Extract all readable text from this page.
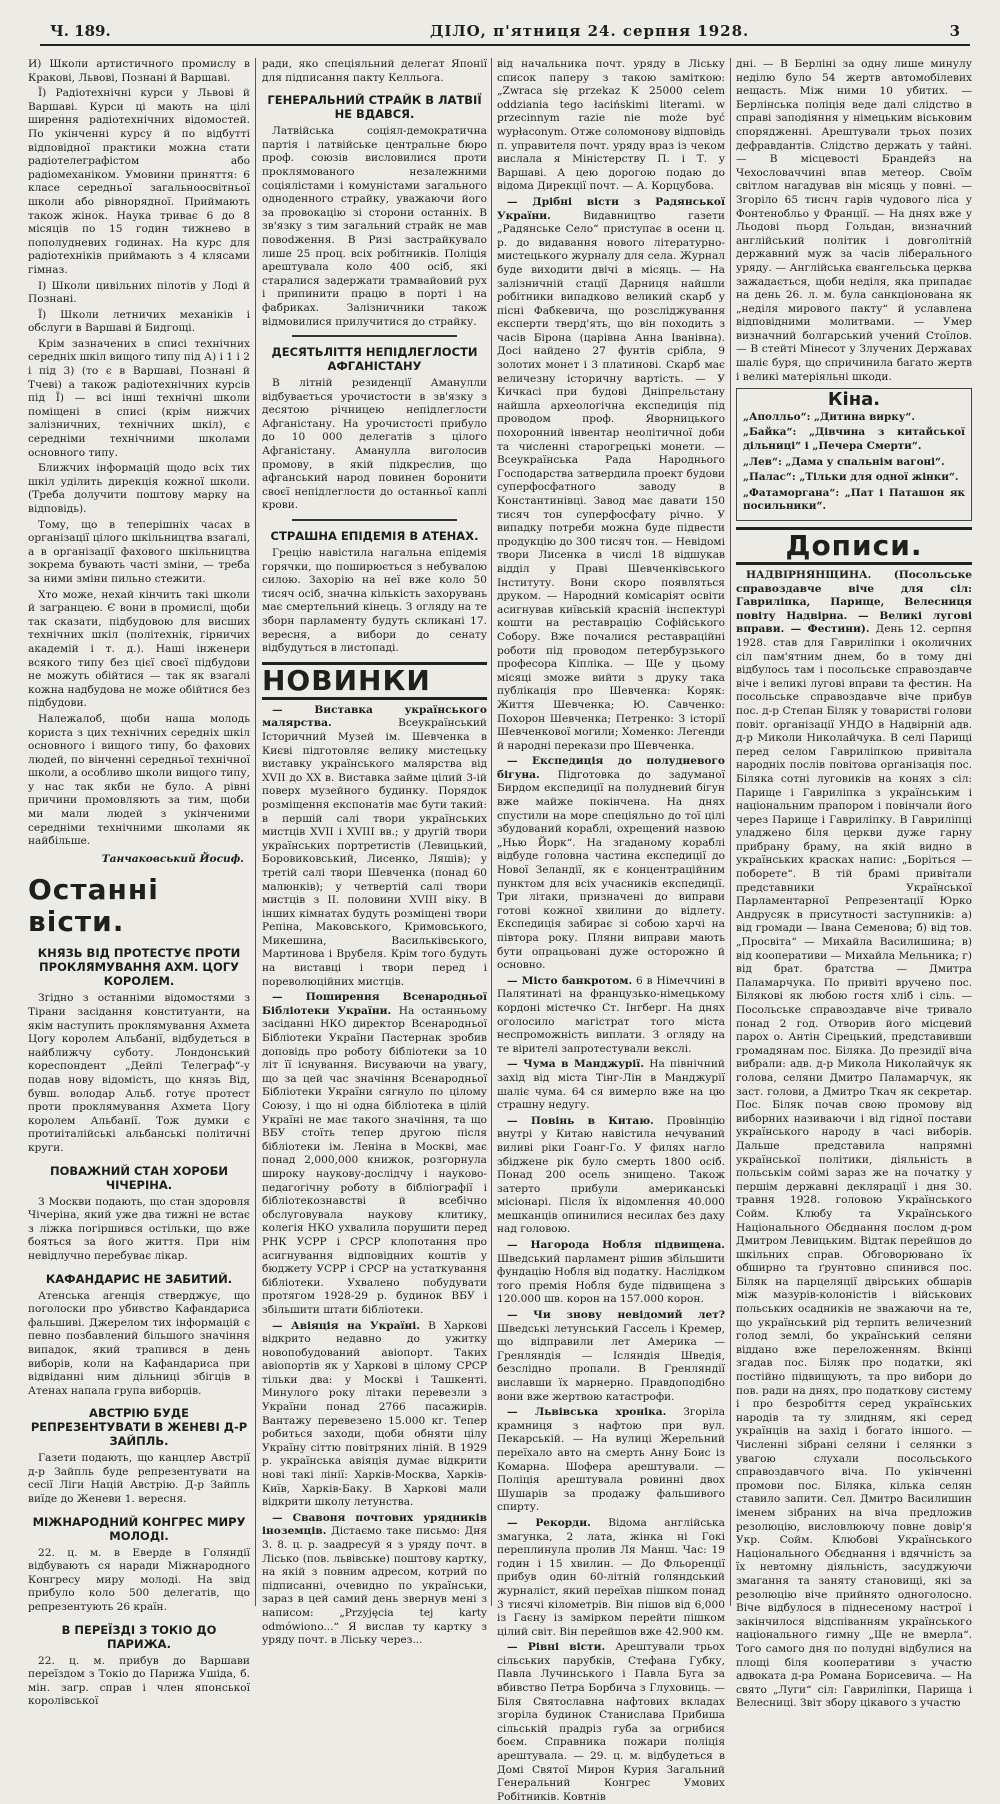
Ч. 189.	ДІЛО, п'ятниця 24. серпня 1928.	3

И) Школи артистичного промислу в Кракові, Львові, Познані й Варшаві.

Ї) Радіотехнічні курси у Львові й Варшаві. Курси ці мають на цілі ширення радіотехнічних відомостей. По укінченні курсу й по відбутті відповідної практики можна стати радіотелеграфістом або радіомеханіком. Умовини приняття: 6 класе середньої загальноосвітньої школи або рівнорядної. Приймають також жінок. Наука триває 6 до 8 місяців по 15 годин тижнево в пополудневих годинах. На курс для радіотехніків приймають з 4 клясами гімназ.

І) Школи цивільних пілотів у Лоді й Познані.

Ї) Школи летничих механіків і обслуги в Варшаві й Бидгощі.

Крім зазначених в списі технічних середніх шкіл вищого типу під А) і 1 і 2 і під 3) (то є в Варшаві, Познані й Тчеві) а також радіотехнічних курсів під Ї) — всі інші технічні школи поміщені в списі (крім нижчих залізничних, технічних шкіл), є середніми технічними школами основного типу.

Ближчих інформацій щодо всіх тих шкіл уділить дирекція кожної школи. (Треба долучити поштову марку на відповідь).

Тому, що в теперішніх часах в організації цілого шкільництва взагалі, а в організації фахового шкільництва зокрема бувають часті зміни, — треба за ними зміни пильно стежити.

Хто може, нехай кінчить такі школи й загранцею. Є вони в промислі, щоби так сказати, підбудовою для висших технічних шкіл (політехнік, гірничих академій і т. д.). Наші інженери всякого типу без цієї своєї підбудови не можуть обійтися — так як взагалі кожна надбудова не може обійтися без підбудови.

Належалоб, щоби наша молодь користа з цих технічних середніх шкіл основного і вищого типу, бо фахових людей, по вінченні середньої технічної школи, а особливо школи вищого типу, у нас так якби не було. А рівні причини промовляють за тим, щоби ми мали людей з укінченими середніми технічними школами як найбільше.

Танчаковський Йосиф.
Останні вісти.
КНЯЗЬ ВІД ПРОТЕСТУЄ ПРОТИ ПРОКЛЯМУВАННЯ АХМ. ЦОГУ КОРОЛЕМ.

Згідно з останніми відомостями з Тірани засідання конституанти, на якім наступить проклямування Ахмета Цогу королем Альбанії, відбудеться в найближчу суботу. Лондонський кореспондент „Дейлі Телеграф“-у подав нову відомість, що князь Від, бувш. володар Альб. готує протест проти проклямування Ахмета Цогу королем Альбанії. Тож думки є протиіталійські альбанські політичні круги.

ПОВАЖНИЙ СТАН ХОРОБИ ЧІЧЕРІНА.

З Москви подають, що стан здоровля Чічеріна, який уже два тижні не встає з ліжка погіршився остільки, що вже бояться за його життя. При нім невідлучно перебуває лікар.

КАФАНДАРИС НЕ ЗАБИТИЙ.

Атенська агенція стверджує, що поголоски про убивство Кафандариса фальшиві. Джерелом тих інформацій є певно позбавлений більшого значіння випадок, який трапився в день виборів, коли на Кафандариса при відвіданні ним дільниці збігців в Атенах напала група виборців.

АВСТРІЮ БУДЕ РЕПРЕЗЕНТУВАТИ В ЖЕНЕВІ Д-Р ЗАЙПЛЬ.

Газети подають, що канцлер Австрії д-р Зайпль буде репрезентувати на сесії Ліги Націй Австрію. Д-р Зайпль виїде до Женеви 1. вересня.

МІЖНАРОДНИЙ КОНГРЕС МИРУ МОЛОДІ.

22. ц. м. в Еверде в Голяндії відбувають ся наради Міжнародного Конгресу миру молоді. На звід прибуло коло 500 делегатів, що репрезентують 26 країн.

В ПЕРЕЇЗДІ З ТОКІО ДО ПАРИЖА.

22. ц. м. прибув до Варшави переїздом з Токіо до Парижа Ушіда, б. мін. загр. справ і член японської королівської

ради, яко спеціяльний делегат Японії для підписання пакту Келльога.

ГЕНЕРАЛЬНИЙ СТРАЙК В ЛАТВІЇ НЕ ВДАВСЯ.

Латвійська соціял-демократична партія і латвійське центральне бюро проф. союзів висловилися проти проклямованого незалежними соціялістами і комуністами загального одноденного страйку, уважаючи його за провокацію зі сторони останніх. В зв'язку з тим загальний страйк не мав повodження. В Ризі застрайкувало лише 25 проц. всіх робітників. Поліція арештувала коло 400 осіб, які старалися задержати трамвайовий рух і припинити працю в порті і на фабриках. Залізничники також відмовилися прилучитися до страйку.

ДЕСЯТЬЛІТТЯ НЕПІДЛЕГЛОСТИ АФГАНІСТАНУ

В літній резиденції Аманулли відбувається урочистости в зв'язку з десятою річницею непідлеглости Афганістану. На урочистості прибуло до 10 000 делегатів з цілого Афганістану. Аманулла виголосив промову, в якій підкреслив, що афганський народ повинен боронити своєї непідлеглости до останньої каплі крови.

СТРАШНА ЕПІДЕМІЯ В АТЕНАХ.

Грецію навістила нагальна епідемія горячки, що поширюється з небувалою силою. Захорію на неї вже коло 50 тисяч осіб, значна кількість захорувань має смертельний кінець. З огляду на те зборн парламенту будуть скликані 17. вересня, а вибори до сенату відбудуться в листопаді.

НОВИНКИ

— Виставка українського малярства.	Всеукраїнський Історичний Музей ім. Шевченка в Києві підготовляє велику мистецьку виставку українського малярства від XVII до XX в. Виставка займе цілий 3-ій поверх музейного будинку. Порядок розміщення експонатів має бути такий: в першій салі твори українських мистців XVII і XVIII вв.; у другій твори українських портретистів (Левицький, Боровиковський, Лисенко, Ляшів); у третій салі твори Шевченка (понад 60 малюнків); у четвертій салі твори мистців з II. половини XVIII віку. В інших кімнатах будуть розміщені твори Репіна, Маковського, Кримовського, Микешина, Васильківського, Мартинова і Врубеля. Крім того будуть на виставці і твори перед і пореволюційних мистців.

— Поширення Всенародньої Бібліотеки України. На останньому засіданні НКО директор Всенародньої Бібліотеки України Пастернак зробив доповідь про роботу бібліотеки за 10 літ її існування. Висуваючи на увагу, що за цей час значіння Всенародньої Бібліотеки України сягнуло по цілому Союзу, і що ні одна бібліотека в цілій Україні не має такого значіння, та що ВБУ стоїть тепер другою після бібліотеки ім. Леніна в Москві, має понад 2,000,000 книжок, розгорнула широку наукову-дослідчу і науково-педагогічну роботу в бібліографії і бібліотекознавстві й всебічно обслуговувала наукову клитику, колегія НКО ухвалила порушити перед РНК УСРР і СРСР клопотання про асигнування відповідних коштів у бюджету УСРР і СРСР на устаткування бібліотеки. Ухвалено побудувати протягом 1928-29 р. будинок ВБУ і збільшити штати бібліотеки.

— Авіяція на Україні. В Харкові відкрито недавно до ужитку новопобудований авіопорт. Таких авіопортів як у Харкові в цілому СРСР тільки два: у Москві і Ташкенті. Минулого року літаки перевезли з України понад 2766 пасажирів. Вантажу перевезено 15.000 кг. Тепер робиться заходи, щоби обняти цілу Україну сіттю повітряних ліній. В 1929 р. українська авіяція думає відкрити нові такі лінії: Харків-Москва, Харків-Київ, Харків-Баку. В Харкові мали відкрити школу летунства.

— Свавоня почтових урядників іноземців. Дістаємо таке письмо: Дня 3. 8. ц. р. заадресуй я з уряду почт. в Лісько (пов. львівське) поштову картку, на якій з повним адресом, котрий по підписанні, очевидно по українськи, зараз в цей самий день звернув мені з написом: „Przyjęcia tej karty odmówiono...“ Я вислав ту картку з уряду почт. в Ліську через...

від начальника почт. уряду в Ліську список паперу з такою заміткою: „Zwraca się przekaz K 25000 celem oddziania tego łacińskimi literami. w przecinnym razie nie może być wypłaconym. Отже соломонову відповідь п. управителя почт. уряду враз із чеком вислала я Міністерству П. і Т. у Варшаві. А цею дорогою подаю до відома Дирекції почт. — А. Корцубова.

— Дрібні вісти з Радянської України.	Видавництво газети „Радянське Село“ приступає в осени ц. р. до видавання нового літературно-мистецького журналу для села. Журнал буде виходити двічі в місяць. — На залізничній стації Дарниця найшли робітники випадково великий скарб у пісні Фабкевича, що розсліджування експерти тверд'ять, що він походить з часів Бірона (царівна Анна Іванівна). Досі найдено 27 фунтів срібла, 9 золотих монет і 3 платинові. Скарб має величезну історичну вартість. — У Кичкасі при будові Дніпрельстану найшла археологічна експедиція під проводом проф. Яворницького похоронний інвентар неолітичної доби та численні старогрецькі монети. — Всеукраїнська Рада Народнього Господарства затвердила проект будови суперфосфатного заводу в Константинівці. Завод має давати 150 тисяч тон суперфосфату річно. У випадку потреби можна буде підвести продукцію до 300 тисяч тон. — Невідомі твори Лисенка в числі 18 відшукав відділ у Праві Шевченківського Інституту. Вони скоро появляться друком. — Народний комісаріят освіти асигнував київській красній інспектурі кошти на реставрацію Софійського Собору. Вже почалися реставраційні роботи під проводом петербурзького професора Кіпліка. — Ще у цьому місяці зможе вийти з друку така публікація про Шевченка: Коряк: Життя Шевченка; Ю. Савченко: Похорон Шевченка; Петренко: З історії Шевченкової могили; Хоменко: Легенди й народні перекази про Шевченка.

— Експедиція до полудневого бігуна. Підготовка до задуманої Бирдом експедиції на полудневий бігун вже майже покінчена. На днях спустили на море спеціяльно до тої цілі збудований кораблі, охрещений назвою „Нью Йорк“. На згаданому кораблі відбуде головна частина експедиції до Нової Зеландії, як є концентраційним пунктом для всіх учасників експедиції. Три літаки, призначені до виправи готові кожної хвилини до відлету. Експедиція забирає зі собою харчі на півтора року. Пляни виправи мають бути опрацьовані дуже осторожно й основно.

— Місто банкротом. 6 в Німеччині в Палятинаті на французько-німецькому кордоні містечко Ст. Інгберг. На днях оголосило магістрат того міста неспроможність виплати. З огляду на те вірителі запротестували векслі.

— Чума в Манджурії. На північний захід від міста Тінг-Лін в Манджурії шаліє чума. 64 ся вимерло вже на цю страшну недугу.

— Повінь в Китаю. Провінцію внутрі у Китаю навістила нечуваний виливі ріки Гоанг-Го. У филях нагло збіджене рік було смерть 1800 осіб. Понад 200 осель знищено. Також затерто прибули американські місіонарі. Після їх відомлення 40.000 мешканців опинилися несилах без даху над головою.

— Нагорода Нобля підвищена. Шведський парламент рішив збільшити фундацію Нобля від податку. Наслідком того премія Нобля буде підвищена з 120.000 шв. корон на 157.000 корон.

— Чи знову невідомий лет? Шведські летунський Гассель і Кремер, що відправили лет Америка — Гренляндія — Ісляндія Шведія, безслідно пропали. В Гренляндії виславши їх марнерно. Правдоподібно вони вже жертвою катастрофи.

— Львівська хроніка. Згоріла крамниця з нафтою при вул. Пекарській. — На вулиці Жерельний переїхало авто на смерть Анну Боис із Комарна. Шофера арештували. — Поліція арештувала ровинні двох Шушарів за продажу фальшивого спирту.

— Рекорди. Відома англійська змагунка, 2 лата, жінка ні Гокі переплинула пролив Ля Манш. Час: 19 годин і 15 хвилин. — До Фльоренції прибув один 60-літній голяндський журналіст, який переїхав пішком понад 3 тисячі кілометрів. Він пішов від 6,000 із Гаєну із замірком перейти пішком цілий світ. Він перейшов вже 42.900 км.

— Рівні вісти. Арештували трьох сільських парубків, Стефана Губку, Павла Лучинського і Павла Буга за вбивство Петра Борбича з Глуховиць. — Біля Святославна нафтових вкладах згоріла будинок Станислава Прибиша сільській прадріз губа за огрибися боєм. Справника пожари поліція арештувала. — 29. ц. м. відбудеться в Домі Святої Мирон Курия Загальний Генеральний Конгрес Умових Робітників. Ковтнів

дні. — В Берліні за одну лише минулу неділю було 54 жертв автомобілевих нещасть. Між ними 10 убитих. — Берлінська поліція веде далі слідство в справі заподіяння у німецьким віськовим спорядженні. Арештували трьох позих дефравдантів. Слідство держать у тайні. — В місцевості Брандейз на Чехословаччині впав метеор. Своїм світлом нагадував він місяць у повні. — Згоріло 65 тиснч гарів чудового ліса у Фонтенобльо у Франції. — На днях вже у Льодові пьорд Гольдан, визначний англійський політик і довголітній державний муж за часів ліберального уряду. — Англійська євангельська церква зажадається, щоби неділя, яка припадає на день 26. л. м. була санкціонована як „неділя мирового пакту“ й уславлена відповідними молитвами. — Умер визначний болгарський учений Стоїлов. — В стейті Мінесот у Злучених Державах шаліє буря, що спричинила багато жертв і великі матеріяльні шкоди.

Кіна.

„Аполльо“: „Дитина вирку“.

„Байка“: „Дівчина з китайської дільниці“ і „Печера Смерти“.

„Лев“: „Дама у спальнім вагоні“.

„Палас“: „Тільки для одної жінки“.

„Фатаморгана“: „Пат і Паташон як посильники“.

Дописи.

НАДВІРНЯНЩИНА. (Посольське справоздавче віче для сіл: Гавриліпка, Парище, Велесниця повіту Надвірна. — Великі лугові вправи. — Фестини). День 12. серпня 1928. став для Гавриліпки і околичних сіл пам'ятним днем, бо в тому дні відбулось там і посольське справоздавче віче і великі лугові вправи та фестин. На посольське справоздавче віче прибув пос. д-р Степан Біляк у товаристві голови повіт. організації УНДО в Надвірній адв. д-р Миколи Николайчука. В селі Парищі перед селом Гавриліпкою привітала народніх послів повітова організація пос. Біляка сотні луговиків на конях з сіл: Парище і Гавриліпка з українським і національним прапором і повінчали його через Парище і Гавриліпку. В Гавриліпці уладжено біля церкви дуже гарну прибрану браму, на якій видно в українських красках напис: „Боріться — поборете“. В тій брамі привітали представники Української Парламентарної Репрезентації Юрко Андрусяк в присутності заступників: а) від громади — Івана Семенова; б) від тов. „Просвіта“ — Михайла Василишина; в) від кооперативи — Михайла Мельника; г) від брат. братства — Дмитра Паламарчука. По привіті вручено пос. Білякові як любою гостя хліб і сіль. — Посольське справоздавче віче тривало понад 2 год. Отворив його місцевий парох о. Антін Сірецький, представивши громадянам пос. Біляка. До президії віча вибрали: адв. д-р Микола Николайчук як голова, селяни Дмитро Паламарчук, як заст. голови, а Дмитро Ткач як секретар. Пос. Біляк почав свою промову від виборних називаючи і від гідної постави українського народу в часі виборів. Дальше представила напрямні української політики, діяльність в польськім соймі зараз же на початку у першім державні деклярації і дня 30. травня 1928. головою Українського Сойм. Клюбу та Українського Національного Обєднання послом д-ром Дмитром Левицьким. Відтак перейшов до шкільних справ. Обговорювано їх обширно та ґрунтовно спинився пос. Біляк на парцеляції двірських обшарів між мазурів-колоністів і військових польських осадників не зважаючи на те, що український рід терпить величезний голод землі, бо український селяни віддано вже переложенням. Вкінці згадав пос. Біляк про податки, які постійно підвищують, та про вибори до пов. ради на днях, про податкову систему і про безробіття серед українських народів та ту злидням, які серед українців на захід і богато іншого. — Численні зібрані селяни і селянки з увагою слухали посольського справоздавчого віча. По укінченні промови пос. Біляка, кілька селян ставило запити. Сел. Дмитро Василишин іменем зібраних на віча предложив резолюцію, висловлюючу повне довір'я Укр. Сойм. Клюбові Українського Національного Обєднання і вдячність за їх невтомну діяльність, засуджуючи змагання та заняту становищі, які за резолюцію віче прийнято одноголосно. Віче відбулося в піднесеному настрої і закінчилося відспіванням українського національного гимну „Ще не вмерла“. Того самого дня по полудні відбулися на площі біля кооперативи з участю адвоката д-ра Романа Борисевича. — На свято „Луги“ сіл: Гавриліпки, Парища і Велесниці. Звіт збору цікавого з участю
